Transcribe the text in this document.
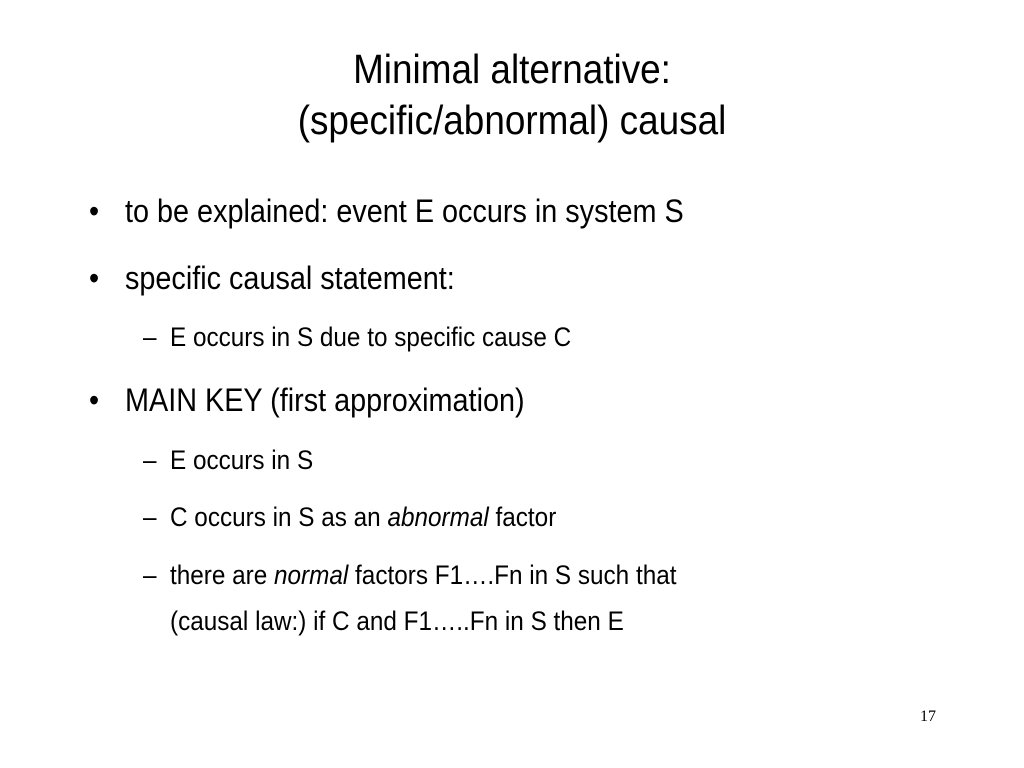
Minimal alternative:
(specific/abnormal) causal
• to be explained: event E occurs in system S
• specific causal statement:
– E occurs in S due to specific cause C
• MAIN KEY (first approximation)
– E occurs in S
– C occurs in S as an abnormal factor
– there are normal factors F1….Fn in S such that
(causal law:) if C and F1…..Fn in S then E
17
